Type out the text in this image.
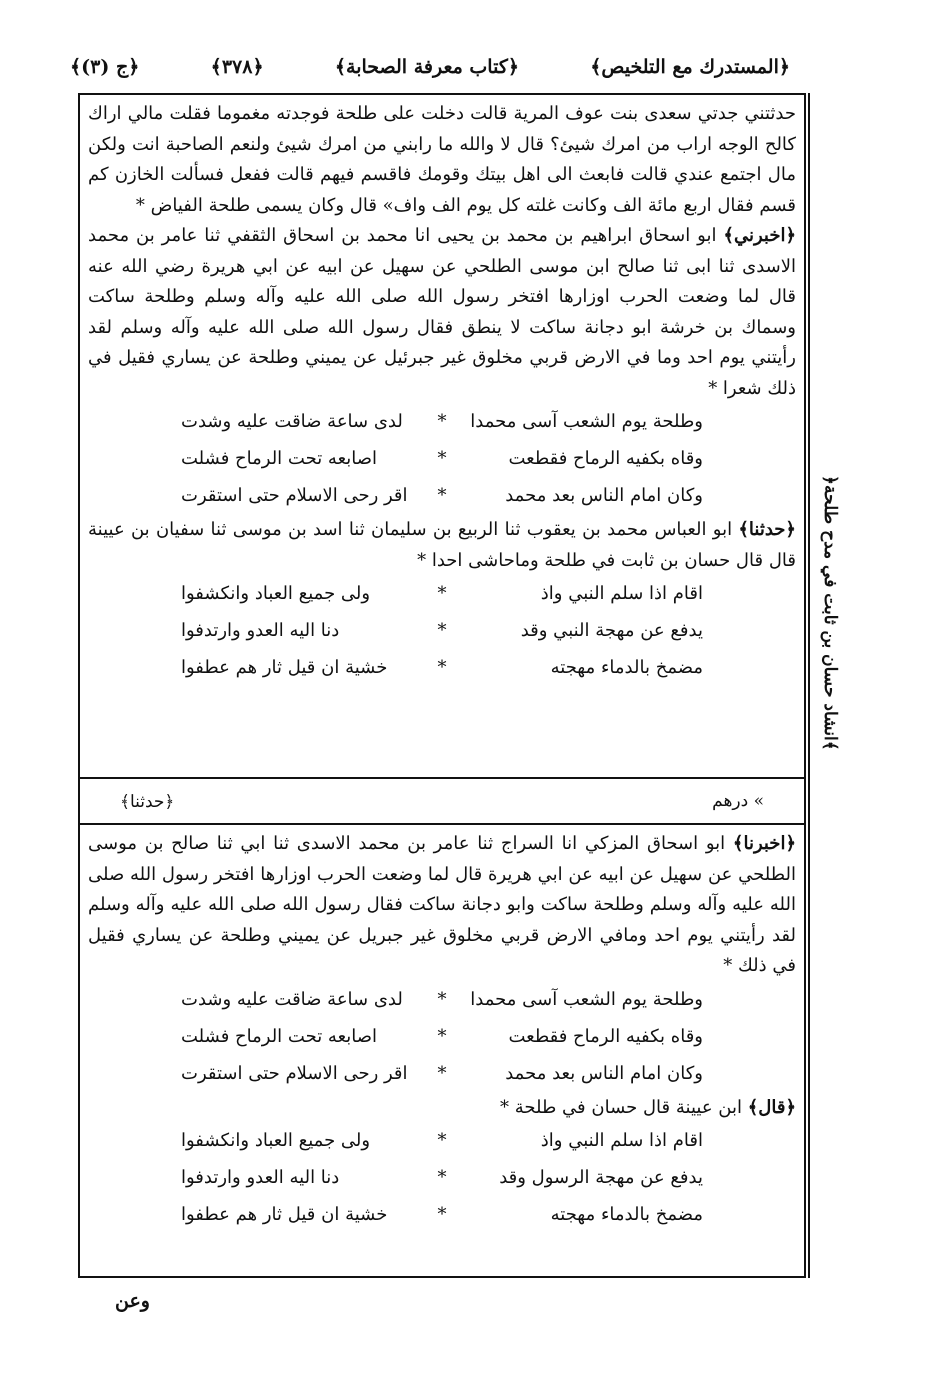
﴿المستدرك مع التلخيص﴾
﴿كتاب معرفة الصحابة﴾
﴿٣٧٨﴾
﴿ج (٣)﴾

حدثتني جدتي سعدى بنت عوف المرية قالت دخلت على طلحة فوجدته مغموما فقلت مالي اراك كالح الوجه اراب من امرك شيئ؟ قال لا والله ما رابني من امرك شيئ ولنعم الصاحبة انت ولكن مال اجتمع عندي قالت فابعث الى اهل بيتك وقومك فاقسم فيهم قالت ففعل فسألت الخازن كم قسم فقال اربع مائة الف وكانت غلته كل يوم الف واف» قال وكان يسمى طلحة الفياض *

﴿اخبرني﴾ ابو اسحاق ابراهيم بن محمد بن يحيى انا محمد بن اسحاق الثقفي ثنا عامر بن محمد الاسدى ثنا ابى ثنا صالح ابن موسى الطلحي عن سهيل عن ابيه عن ابي هريرة رضي الله عنه قال لما وضعت الحرب اوزارها افتخر رسول الله صلى الله عليه وآله وسلم وطلحة ساكت وسماك بن خرشة ابو دجانة ساكت لا ينطق فقال رسول الله صلى الله عليه وآله وسلم لقد رأيتني يوم احد وما في الارض قربي مخلوق غير جبرئيل عن يميني وطلحة عن يساري فقيل في ذلك شعرا *

وطلحة يوم الشعب آسى محمدا
*
لدى ساعة ضاقت عليه وشدت
وقاه بكفيه الرماح فقطعت
*
اصابعه تحت الرماح فشلت
وكان امام الناس بعد محمد
*
اقر رحى الاسلام حتى استقرت

﴿حدثنا﴾ ابو العباس محمد بن يعقوب ثنا الربيع بن سليمان ثنا اسد بن موسى ثنا سفيان بن عيينة قال قال حسان بن ثابت في طلحة وماحاشى احدا *

اقام اذا سلم النبي واذ
*
ولى جميع العباد وانكشفوا
يدفع عن مهجة النبي وقد
*
دنا اليه العدو وارتدفوا
مضمخ بالدماء مهجته
*
خشية ان قيل ثار هم عطفوا
» درهم
﴿حدثنا﴾

﴿اخبرنا﴾ ابو اسحاق المزكي انا السراج ثنا عامر بن محمد الاسدى ثنا ابي ثنا صالح بن موسى الطلحي عن سهيل عن ابيه عن ابي هريرة قال لما وضعت الحرب اوزارها افتخر رسول الله صلى الله عليه وآله وسلم وطلحة ساكت وابو دجانة ساكت فقال رسول الله صلى الله عليه وآله وسلم لقد رأيتني يوم احد ومافي الارض قربي مخلوق غير جبريل عن يميني وطلحة عن يساري فقيل في ذلك *

وطلحة يوم الشعب آسى محمدا
*
لدى ساعة ضاقت عليه وشدت
وقاه بكفيه الرماح فقطعت
*
اصابعه تحت الرماح فشلت
وكان امام الناس بعد محمد
*
اقر رحى الاسلام حتى استقرت

﴿قال﴾ ابن عيينة قال حسان في طلحة *

اقام اذا سلم النبي واذ
*
ولى جميع العباد وانكشفوا
يدفع عن مهجة الرسول وقد
*
دنا اليه العدو وارتدفوا
مضمخ بالدماء مهجته
*
خشية ان قيل ثار هم عطفوا
﴿انشاد حسان بن ثابت في مدح طلحة﴾
وعن
